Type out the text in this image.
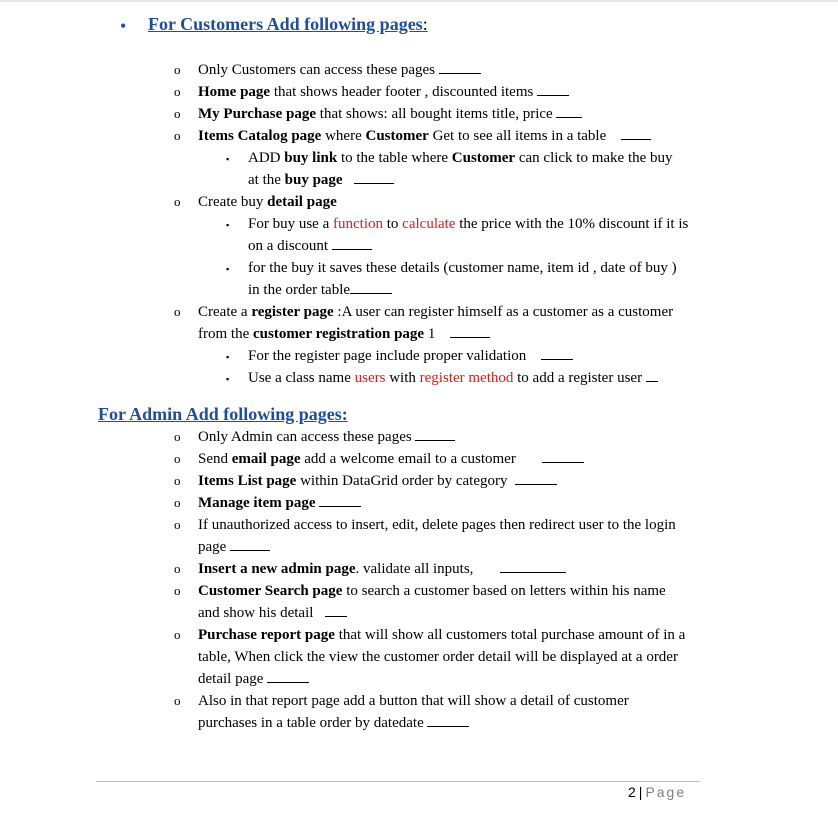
•	For Customers Add following pages:
o Only Customers can access these pages
o Home page that shows header footer , discounted items
o My Purchase page that shows: all bought items title, price
o Items Catalog page where Customer Get to see all items in a table
▪ ADD buy link to the table where Customer can click to make the buy
at the buy page
o Create buy detail page
▪ For buy use a function to calculate the price with the 10% discount if it is
on a discount
▪ for the buy it saves these details (customer name, item id , date of buy )
in the order table
o Create a register page :A user can register himself as a customer as a customer
from the customer registration page 1
▪ For the register page include proper validation
▪ Use a class name users with register method to add a register user
For Admin Add following pages:
o Only Admin can access these pages
o Send email page add a welcome email to a customer
o Items List page within DataGrid order by category
o Manage item page
o If unauthorized access to insert, edit, delete pages then redirect user to the login
page
o Insert a new admin page. validate all inputs,
o Customer Search page to search a customer based on letters within his name
and show his detail
o Purchase report page that will show all customers total purchase amount of in a
table, When click the view the customer order detail will be displayed at a order
detail page
o Also in that report page add a button that will show a detail of customer
purchases in a table order by datedate
2 | Page
